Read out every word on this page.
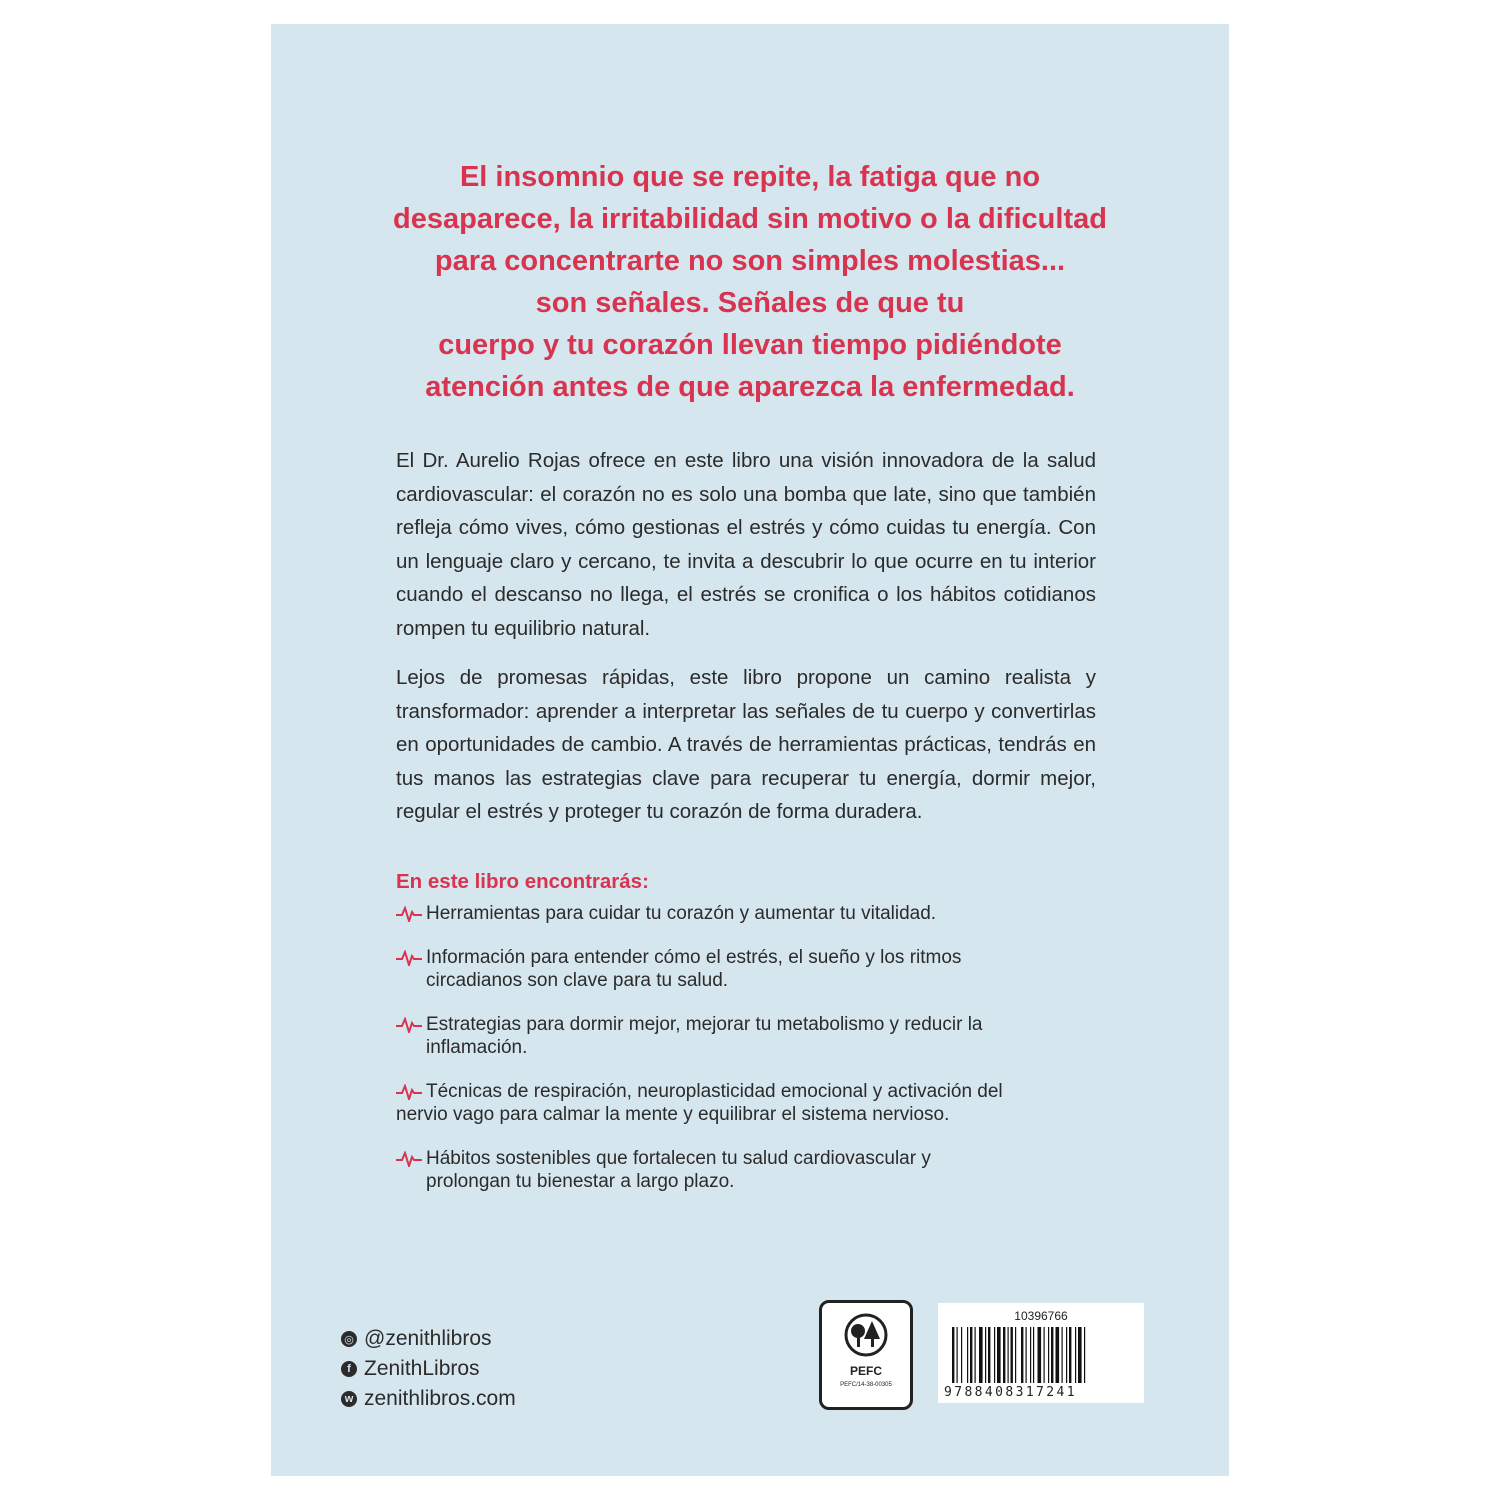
El insomnio que se repite, la fatiga que no
desaparece, la irritabilidad sin motivo o la dificultad
para concentrarte no son simples molestias...
son señales. Señales de que tu
cuerpo y tu corazón llevan tiempo pidiéndote
atención antes de que aparezca la enfermedad.

El Dr. Aurelio Rojas ofrece en este libro una visión innovadora de la salud cardiovascular: el corazón no es solo una bomba que late, sino que también refleja cómo vives, cómo gestionas el estrés y cómo cuidas tu energía. Con un lenguaje claro y cercano, te invita a descubrir lo que ocurre en tu interior cuando el descanso no llega, el estrés se cronifica o los hábitos cotidianos rompen tu equilibrio natural.

Lejos de promesas rápidas, este libro propone un camino realista y transformador: aprender a interpretar las señales de tu cuerpo y convertirlas en oportunidades de cambio. A través de herramientas prácticas, tendrás en tus manos las estrategias clave para recuperar tu energía, dormir mejor, regular el estrés y proteger tu corazón de forma duradera.

En este libro encontrarás:
Herramientas para cuidar tu corazón y aumentar tu vitalidad.
Información para entender cómo el estrés, el sueño y los ritmos circadianos son clave para tu salud.
Estrategias para dormir mejor, mejorar tu metabolismo y reducir la inflamación.
Técnicas de respiración, neuroplasticidad emocional y activación del nervio vago para calmar la mente y equilibrar el sistema nervioso.
Hábitos sostenibles que fortalecen tu salud cardiovascular y prolongan tu bienestar a largo plazo.
◎ @zenithlibros
f ZenithLibros
w zenithlibros.com
PEFC
PEFC/14-38-00305
10396766
9788408317241
